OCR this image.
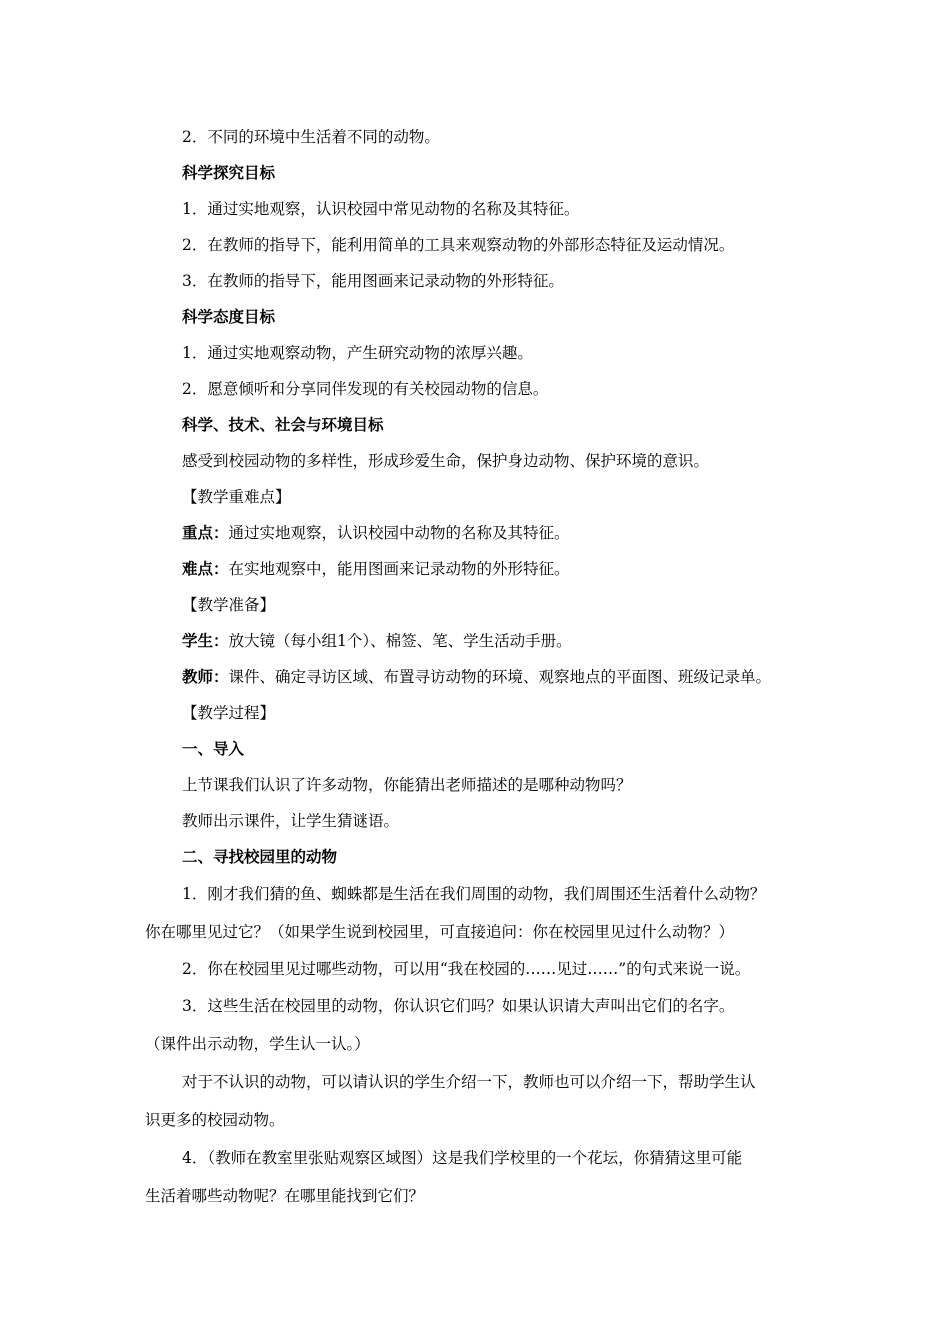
2．不同的环境中生活着不同的动物。
科学探究目标
1．通过实地观察，认识校园中常见动物的名称及其特征。
2．在教师的指导下，能利用简单的工具来观察动物的外部形态特征及运动情况。
3．在教师的指导下，能用图画来记录动物的外形特征。
科学态度目标
1．通过实地观察动物，产生研究动物的浓厚兴趣。
2．愿意倾听和分享同伴发现的有关校园动物的信息。
科学、技术、社会与环境目标
感受到校园动物的多样性，形成珍爱生命，保护身边动物、保护环境的意识。
【教学重难点】
重点：通过实地观察，认识校园中动物的名称及其特征。
难点：在实地观察中，能用图画来记录动物的外形特征。
【教学准备】
学生：放大镜（每小组1个）、棉签、笔、学生活动手册。
教师：课件、确定寻访区域、布置寻访动物的环境、观察地点的平面图、班级记录单。
【教学过程】
一、导入
上节课我们认识了许多动物，你能猜出老师描述的是哪种动物吗？
教师出示课件，让学生猜谜语。
二、寻找校园里的动物
1．刚才我们猜的鱼、蜘蛛都是生活在我们周围的动物，我们周围还生活着什么动物？
你在哪里见过它？（如果学生说到校园里，可直接追问：你在校园里见过什么动物？）
2．你在校园里见过哪些动物，可以用“我在校园的……见过……”的句式来说一说。
3．这些生活在校园里的动物，你认识它们吗？如果认识请大声叫出它们的名字。
（课件出示动物，学生认一认。）
对于不认识的动物，可以请认识的学生介绍一下，教师也可以介绍一下，帮助学生认
识更多的校园动物。
4．（教师在教室里张贴观察区域图）这是我们学校里的一个花坛，你猜猜这里可能
生活着哪些动物呢？在哪里能找到它们？
